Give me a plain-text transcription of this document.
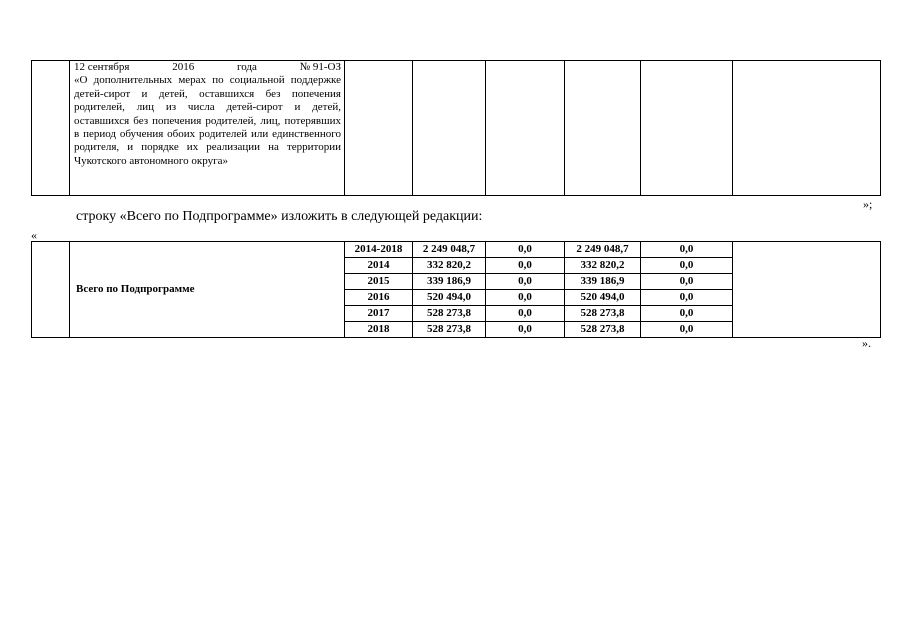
12 сентября	2016	года	№ 91-ОЗ
«О дополнительных мерах по социальной поддержке детей-сирот и детей, оставшихся без попечения родителей, лиц из числа детей-сирот и детей, оставшихся без попечения родителей, лиц, потерявших в период обучения обоих родителей или единственного родителя, и порядке их реализации на территории Чукотского автономного округа»

»;
строку «Всего по Подпрограмме» изложить в следующей редакции:
«
	Всего по Подпрограмме	2014-2018	2 249 048,7	0,0	2 249 048,7	0,0	
		2014	332 820,2	0,0	332 820,2	0,0	
		2015	339 186,9	0,0	339 186,9	0,0	
		2016	520 494,0	0,0	520 494,0	0,0	
		2017	528 273,8	0,0	528 273,8	0,0	
		2018	528 273,8	0,0	528 273,8	0,0	
».
